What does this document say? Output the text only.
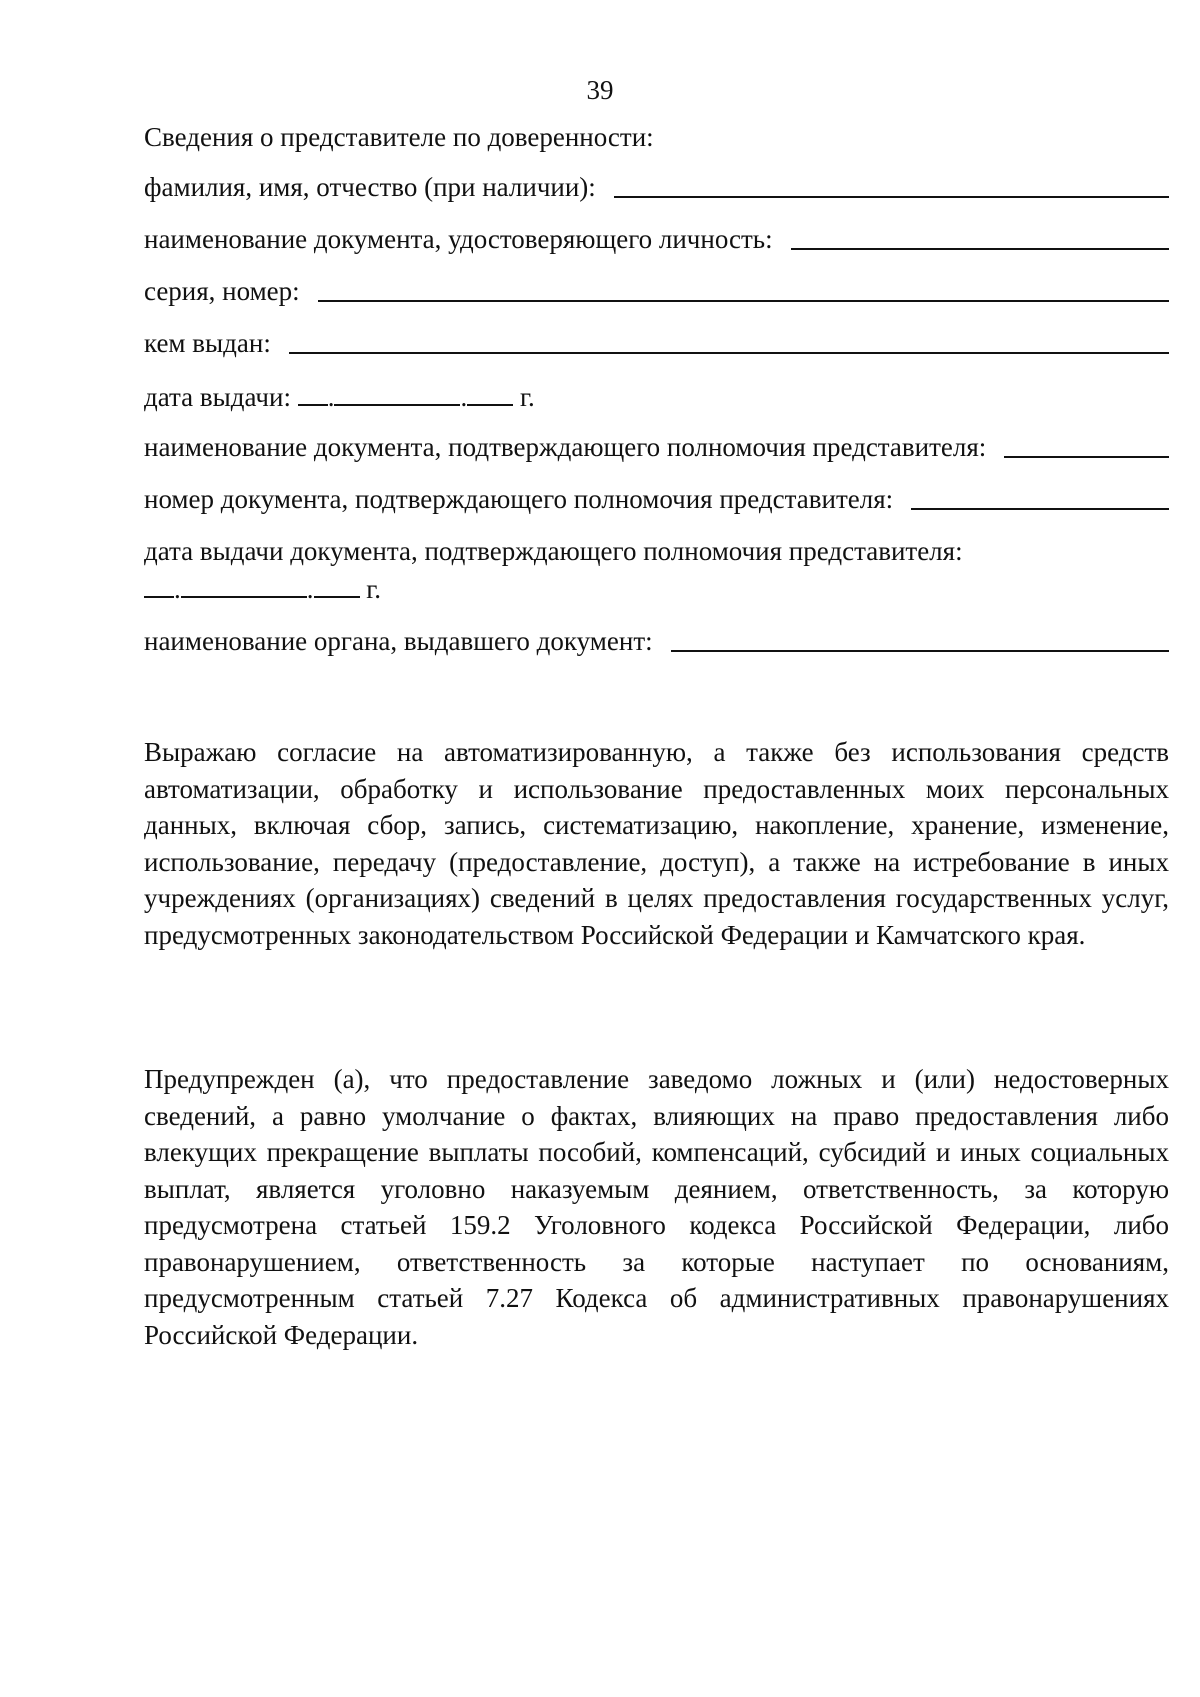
39
Сведения о представителе по доверенности:
фамилия, имя, отчество (при наличии):
наименование документа, удостоверяющего личность:
серия, номер:
кем выдан:
дата выдачи: .	. г.
наименование документа, подтверждающего полномочия представителя:
номер документа, подтверждающего полномочия представителя:
дата выдачи документа, подтверждающего полномочия представителя:
.	. г.
наименование органа, выдавшего документ:

Выражаю согласие на автоматизированную, а также без использования средств автоматизации, обработку и использование предоставленных моих персональных данных, включая сбор, запись, систематизацию, накопление, хранение, изменение, использование, передачу (предоставление, доступ), а также на истребование в иных учреждениях (организациях) сведений в целях предоставления государственных услуг, предусмотренных законодательством Российской Федерации и Камчатского края.

Предупрежден (а), что предоставление заведомо ложных и (или) недостоверных сведений, а равно умолчание о фактах, влияющих на право предоставления либо влекущих прекращение выплаты пособий, компенсаций, субсидий и иных социальных выплат, является уголовно наказуемым деянием, ответственность, за которую предусмотрена статьей 159.2 Уголовного кодекса Российской Федерации, либо правонарушением, ответственность за которые наступает по основаниям, предусмотренным статьей 7.27 Кодекса об административных правонарушениях Российской Федерации.
